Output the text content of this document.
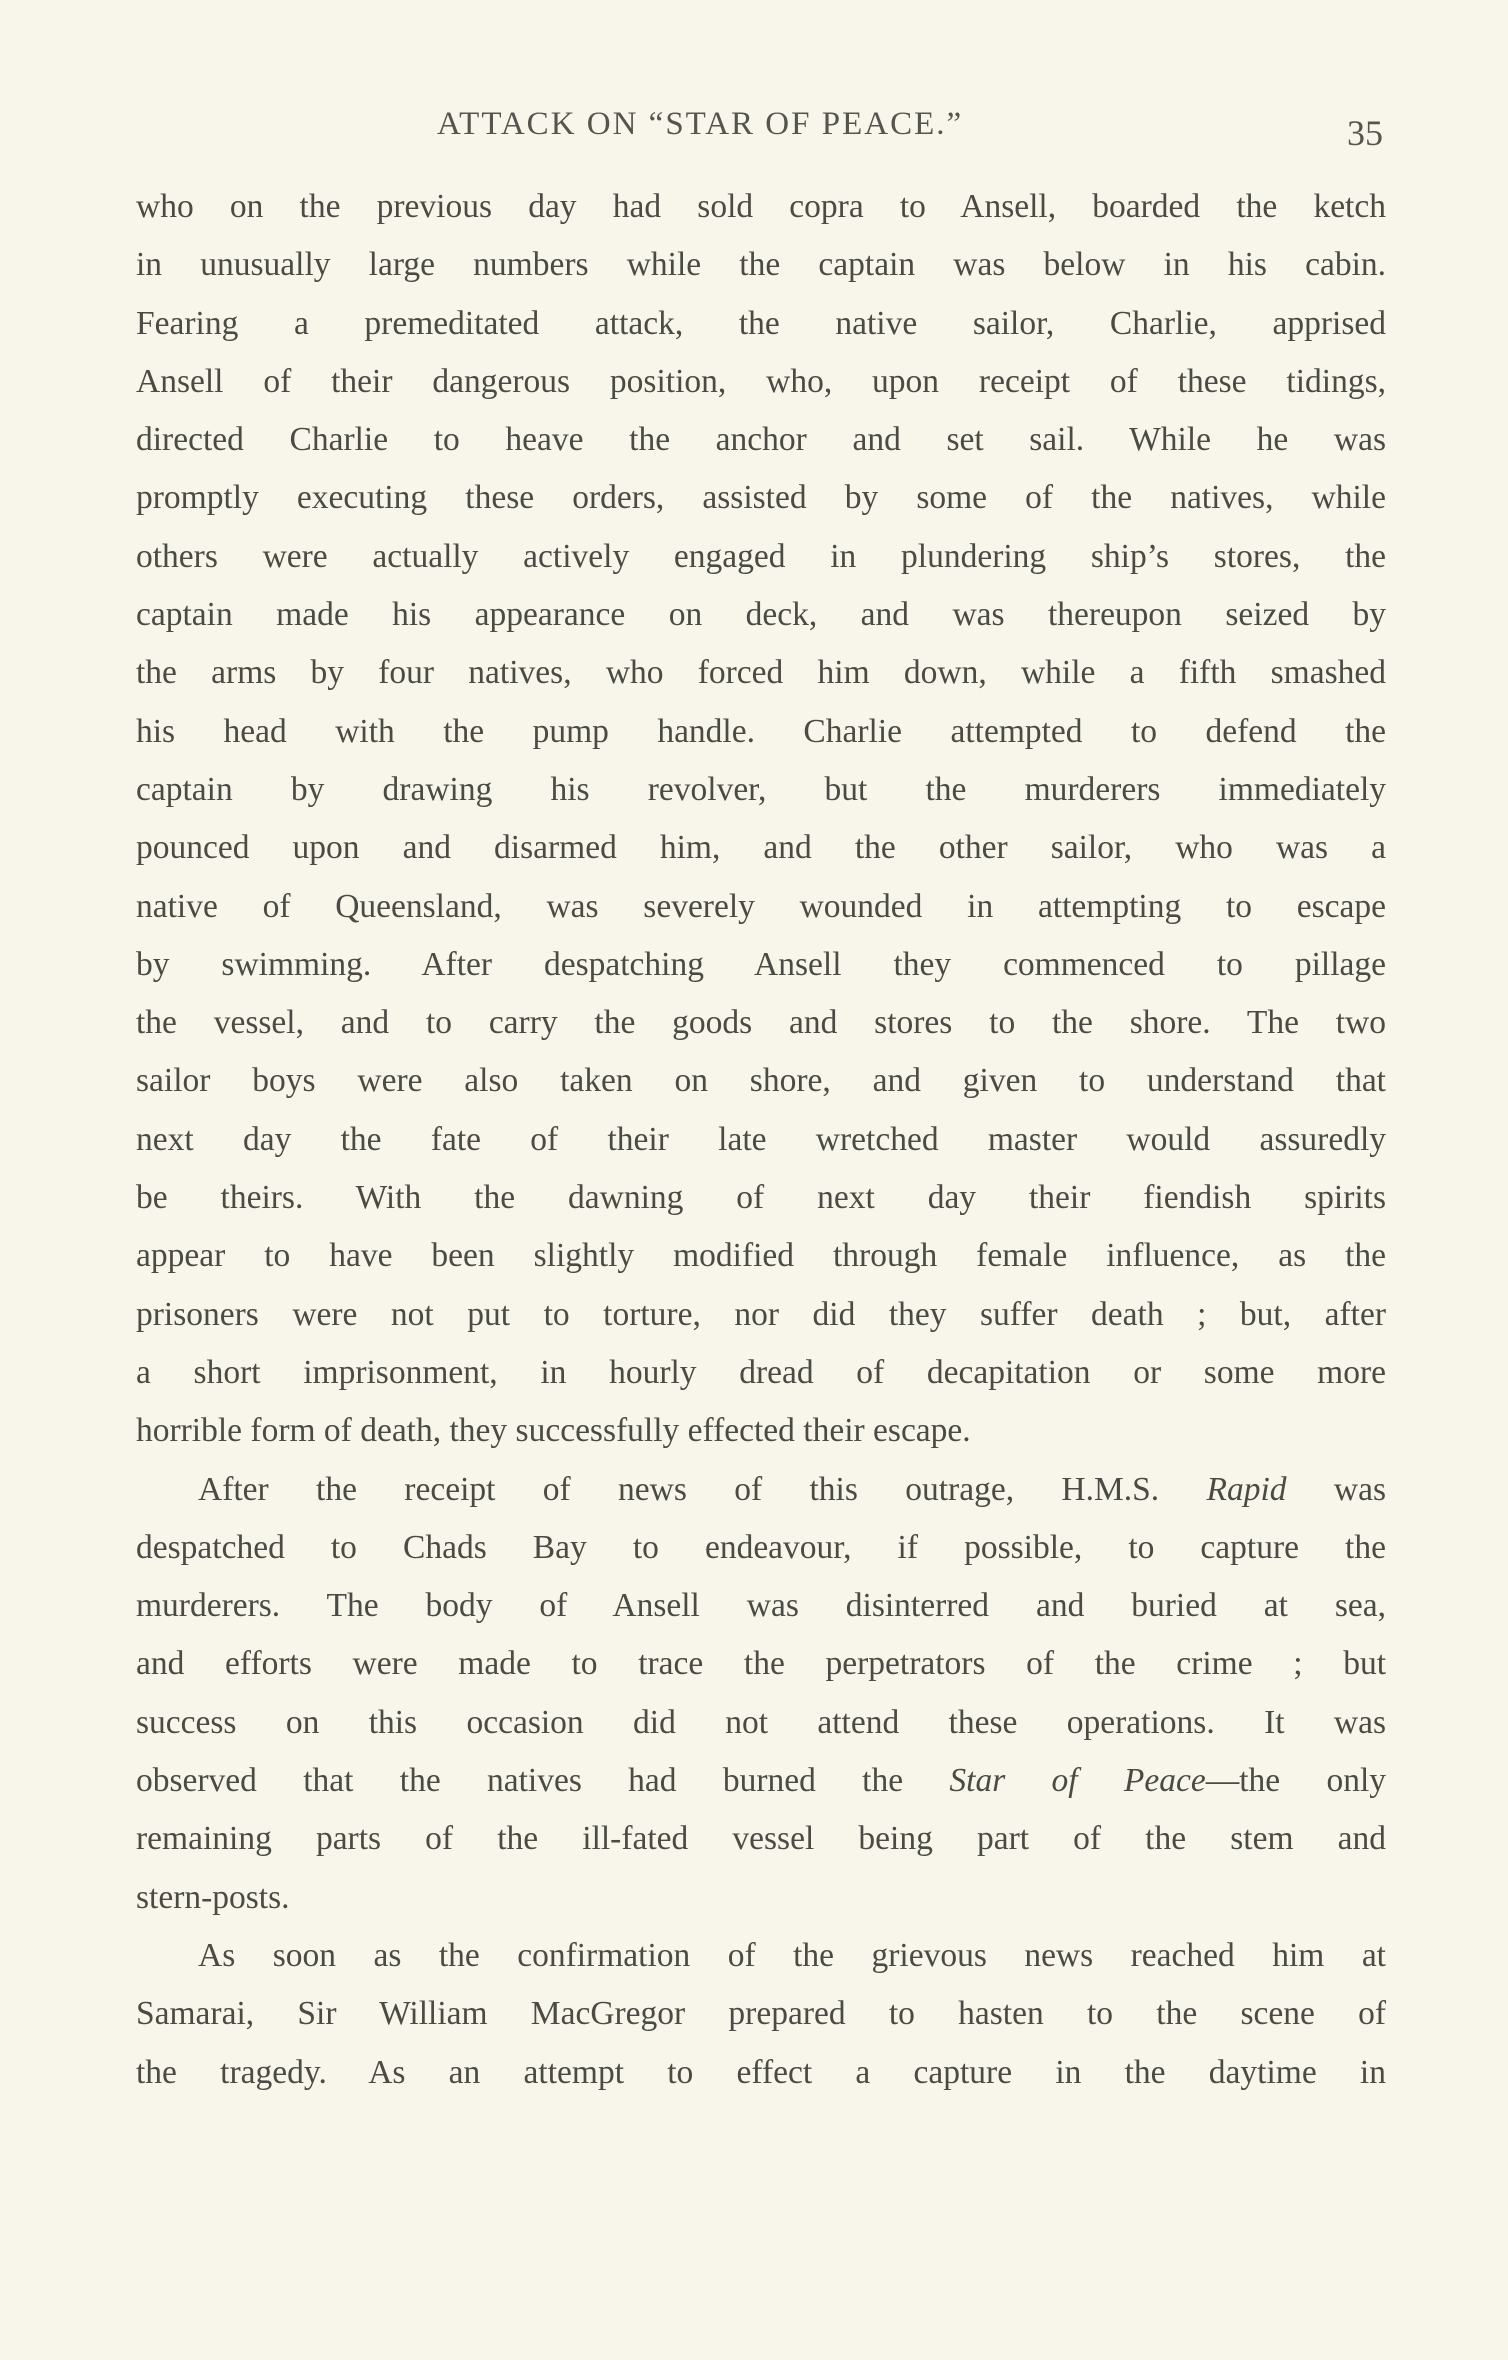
ATTACK ON “STAR OF PEACE.”	35
who on the previous day had sold copra to Ansell, boarded the ketch
in unusually large numbers while the captain was below in his cabin.
Fearing a premeditated attack, the native sailor, Charlie, apprised
Ansell of their dangerous position, who, upon receipt of these tidings,
directed Charlie to heave the anchor and set sail. While he was
promptly executing these orders, assisted by some of the natives, while
others were actually actively engaged in plundering ship’s stores, the
captain made his appearance on deck, and was thereupon seized by
the arms by four natives, who forced him down, while a fifth smashed
his head with the pump handle. Charlie attempted to defend the
captain by drawing his revolver, but the murderers immediately
pounced upon and disarmed him, and the other sailor, who was a
native of Queensland, was severely wounded in attempting to escape
by swimming. After despatching Ansell they commenced to pillage
the vessel, and to carry the goods and stores to the shore. The two
sailor boys were also taken on shore, and given to understand that
next day the fate of their late wretched master would assuredly
be theirs. With the dawning of next day their fiendish spirits
appear to have been slightly modified through female influence, as the
prisoners were not put to torture, nor did they suffer death ; but, after
a short imprisonment, in hourly dread of decapitation or some more
horrible form of death, they successfully effected their escape.
After the receipt of news of this outrage, H.M.S. Rapid was
despatched to Chads Bay to endeavour, if possible, to capture the
murderers. The body of Ansell was disinterred and buried at sea,
and efforts were made to trace the perpetrators of the crime ; but
success on this occasion did not attend these operations. It was
observed that the natives had burned the Star of Peace—the only
remaining parts of the ill-fated vessel being part of the stem and
stern-posts.
As soon as the confirmation of the grievous news reached him at
Samarai, Sir William MacGregor prepared to hasten to the scene of
the tragedy. As an attempt to effect a capture in the daytime in
